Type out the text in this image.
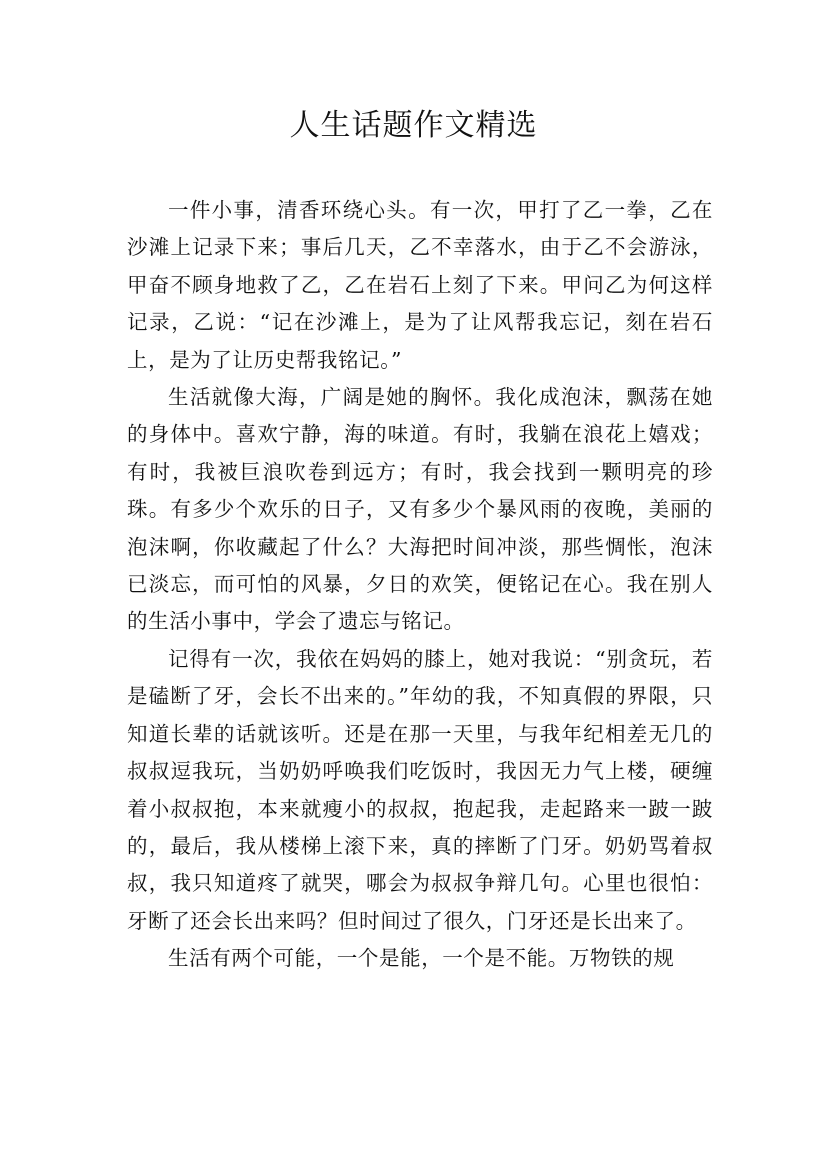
人生话题作文精选

一件小事，清香环绕心头。有一次，甲打了乙一拳，乙在沙滩上记录下来；事后几天，乙不幸落水，由于乙不会游泳，甲奋不顾身地救了乙，乙在岩石上刻了下来。甲问乙为何这样记录，乙说：“记在沙滩上，是为了让风帮我忘记，刻在岩石上，是为了让历史帮我铭记。”

生活就像大海，广阔是她的胸怀。我化成泡沫，飘荡在她的身体中。喜欢宁静，海的味道。有时，我躺在浪花上嬉戏；有时，我被巨浪吹卷到远方；有时，我会找到一颗明亮的珍珠。有多少个欢乐的日子，又有多少个暴风雨的夜晚，美丽的泡沫啊，你收藏起了什么？大海把时间冲淡，那些惆怅，泡沫已淡忘，而可怕的风暴，夕日的欢笑，便铭记在心。我在别人的生活小事中，学会了遗忘与铭记。

记得有一次，我依在妈妈的膝上，她对我说：“别贪玩，若是磕断了牙，会长不出来的。”年幼的我，不知真假的界限，只知道长辈的话就该听。还是在那一天里，与我年纪相差无几的叔叔逗我玩，当奶奶呼唤我们吃饭时，我因无力气上楼，硬缠着小叔叔抱，本来就瘦小的叔叔，抱起我，走起路来一跛一跛的，最后，我从楼梯上滚下来，真的摔断了门牙。奶奶骂着叔叔，我只知道疼了就哭，哪会为叔叔争辩几句。心里也很怕：牙断了还会长出来吗？但时间过了很久，门牙还是长出来了。

生活有两个可能，一个是能，一个是不能。万物铁的规
